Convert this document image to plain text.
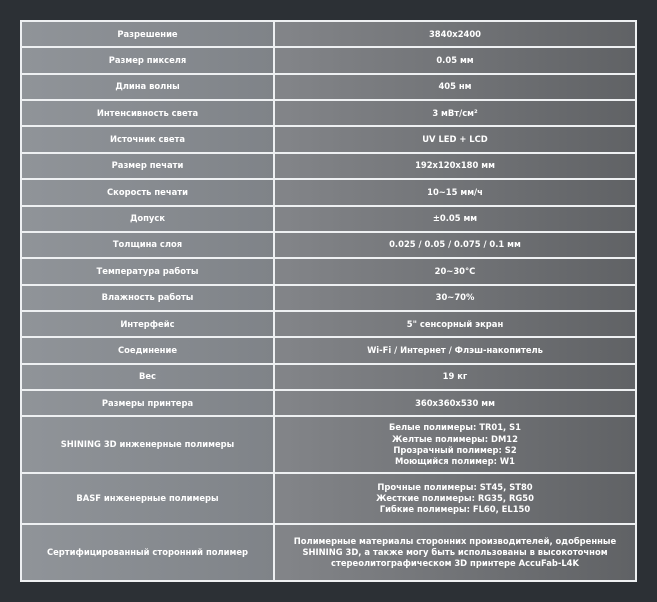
Разрешение	3840x2400

Размер пикселя	0.05 мм

Длина волны	405 нм

Интенсивность света	3 мВт/см²

Источник света	UV LED + LCD

Размер печати	192x120x180 мм

Скорость печати	10~15 мм/ч

Допуск	±0.05 мм

Толщина слоя	0.025 / 0.05 / 0.075 / 0.1 мм

Температура работы	20~30°C

Влажность работы	30~70%

Интерфейс	5" сенсорный экран

Соединение	Wi-Fi / Интернет / Флэш-накопитель

Вес	19 кг

Размеры принтера	360x360x530 мм

SHINING 3D инженерные полимеры	Белые полимеры: TR01, S1
Желтые полимеры: DM12
Прозрачный полимер: S2
Моющийся полимер: W1

BASF инженерные полимеры	Прочные полимеры: ST45, ST80
Жесткие полимеры: RG35, RG50
Гибкие полимеры: FL60, EL150

Сертифицированный сторонний полимер	Полимерные материалы сторонних производителей, одобренные
SHINING 3D, а также могу быть использованы в высокоточном
стереолитографическом 3D принтере AccuFab-L4K
